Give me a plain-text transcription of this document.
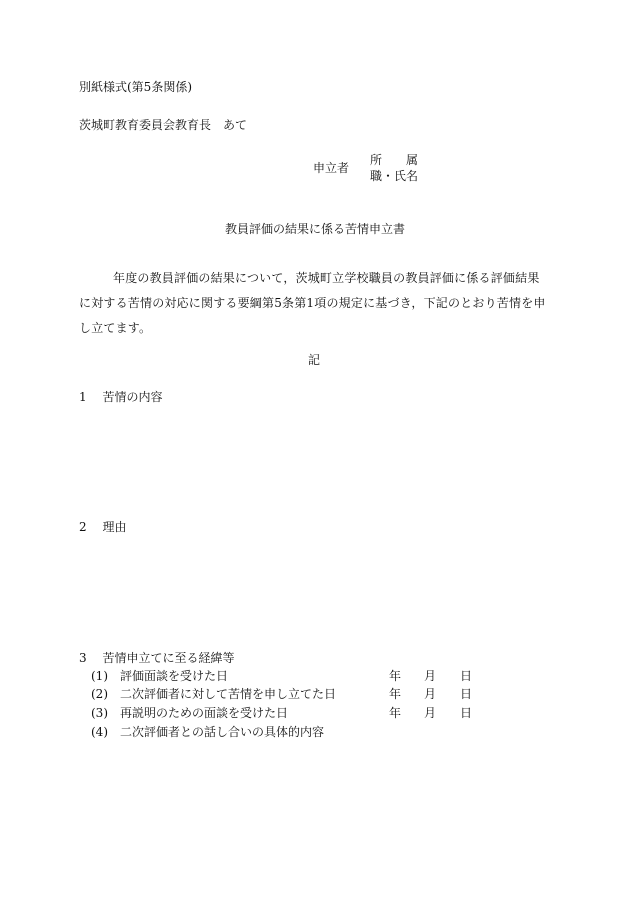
別紙様式(第5条関係)
茨城町教育委員会教育長　あて
申立者
所　　属
職・氏名
教員評価の結果に係る苦情申立書
年度の教員評価の結果について，茨城町立学校職員の教員評価に係る評価結果に対する苦情の対応に関する要綱第5条第1項の規定に基づき，下記のとおり苦情を申し立てます。
記
1 苦情の内容
2 理由
3 苦情申立てに至る経緯等
(1) 評価面談を受けた日	年 月 日
(2) 二次評価者に対して苦情を申し立てた日	年 月 日
(3) 再説明のための面談を受けた日	年 月 日
(4) 二次評価者との話し合いの具体的内容
